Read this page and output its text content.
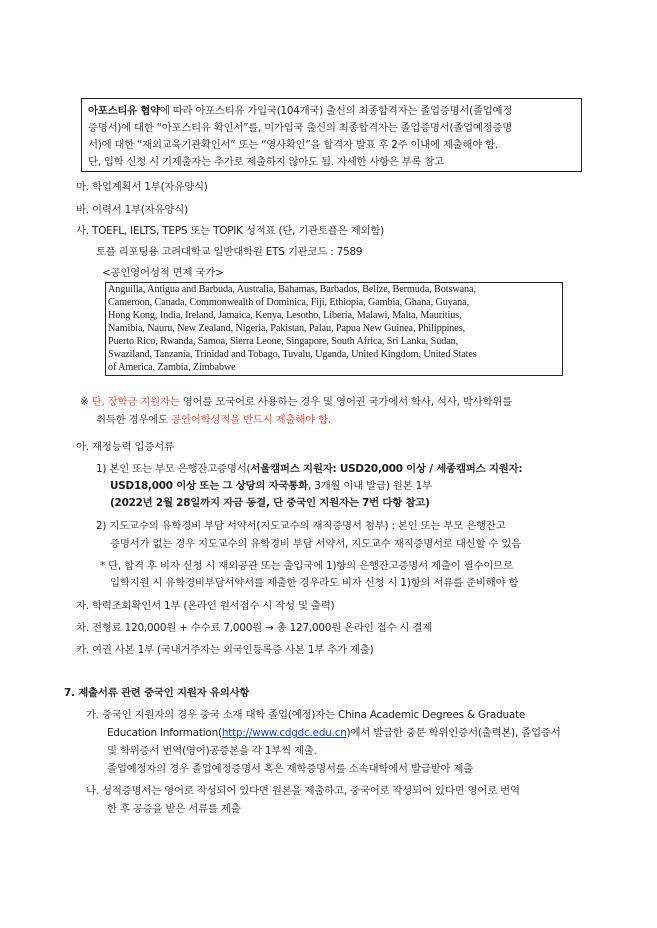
아포스티유 협약에 따라 아포스티유 가입국(104개국) 출신의 최종합격자는 졸업증명서(졸업예정
증명서)에 대한 “아포스티유 확인서”를, 미가입국 출신의 최종합격자는 졸업증명서(졸업예정증명
서)에 대한 “재외교육기관확인서” 또는 “영사확인”을 합격자 발표 후 2주 이내에 제출해야 함.
단, 입학 신청 시 기제출자는 추가로 제출하지 않아도 됨. 자세한 사항은 부록 참고
마. 학업계획서 1부(자유양식)
바. 이력서 1부(자유양식)
사. TOEFL, IELTS, TEPS 또는 TOPIK 성적표 (단, 기관토플은 제외함)
토플 리포팅용 고려대학교 일반대학원 ETS 기관코드 : 7589
<공인영어성적 면제 국가>
Anguilla, Antigua and Barbuda, Australia, Bahamas, Barbados, Belize, Bermuda, Botswana,
Cameroon, Canada, Commonwealth of Dominica, Fiji, Ethiopia, Gambia, Ghana, Guyana,
Hong Kong, India, Ireland, Jamaica, Kenya, Lesotho, Liberia, Malawi, Malta, Mauritius,
Namibia, Nauru, New Zealand, Nigeria, Pakistan, Palau, Papua New Guinea, Philippines,
Puerto Rico, Rwanda, Samoa, Sierra Leone, Singapore, South Africa, Sri Lanka, Sudan,
Swaziland, Tanzania, Trinidad and Tobago, Tuvalu, Uganda, United Kingdom, United States
of America, Zambia, Zimbabwe
※ 단, 장학금 지원자는 영어를 모국어로 사용하는 경우 및 영어권 국가에서 학사, 석사, 박사학위를
취득한 경우에도 공인어학성적을 반드시 제출해야 함.
아. 재정능력 입증서류
1) 본인 또는 부모 은행잔고증명서(서울캠퍼스 지원자: USD20,000 이상 / 세종캠퍼스 지원자:
USD18,000 이상 또는 그 상당의 자국통화, 3개월 이내 발급) 원본 1부
(2022년 2월 28일까지 자금 동결, 단 중국인 지원자는 7번 다항 참고)
2) 지도교수의 유학경비 부담 서약서(지도교수의 재직증명서 첨부) : 본인 또는 부모 은행잔고
증명서가 없는 경우 지도교수의 유학경비 부담 서약서, 지도교수 재직증명서로 대신할 수 있음
* 단, 합격 후 비자 신청 시 재외공관 또는 출입국에 1)항의 은행잔고증명서 제출이 필수이므로
입학지원 시 유학경비부담서약서를 제출한 경우라도 비자 신청 시 1)항의 서류를 준비해야 함
자. 학력조회확인서 1부 (온라인 원서접수 시 작성 및 출력)
차. 전형료 120,000원 + 수수료 7,000원 → 총 127,000원 온라인 접수 시 결제
카. 여권 사본 1부 (국내거주자는 외국인등록증 사본 1부 추가 제출)
7. 제출서류 관련 중국인 지원자 유의사항
가. 중국인 지원자의 경우 중국 소재 대학 졸업(예정)자는 China Academic Degrees & Graduate
Education Information(http://www.cdgdc.edu.cn)에서 발급한 중문 학위인증서(출력본), 졸업증서
및 학위증서 번역(영어)공증본을 각 1부씩 제출.
졸업예정자의 경우 졸업예정증명서 혹은 재학증명서를 소속대학에서 발급받아 제출
나. 성적증명서는 영어로 작성되어 있다면 원본을 제출하고, 중국어로 작성되어 있다면 영어로 번역
한 후 공증을 받은 서류를 제출
